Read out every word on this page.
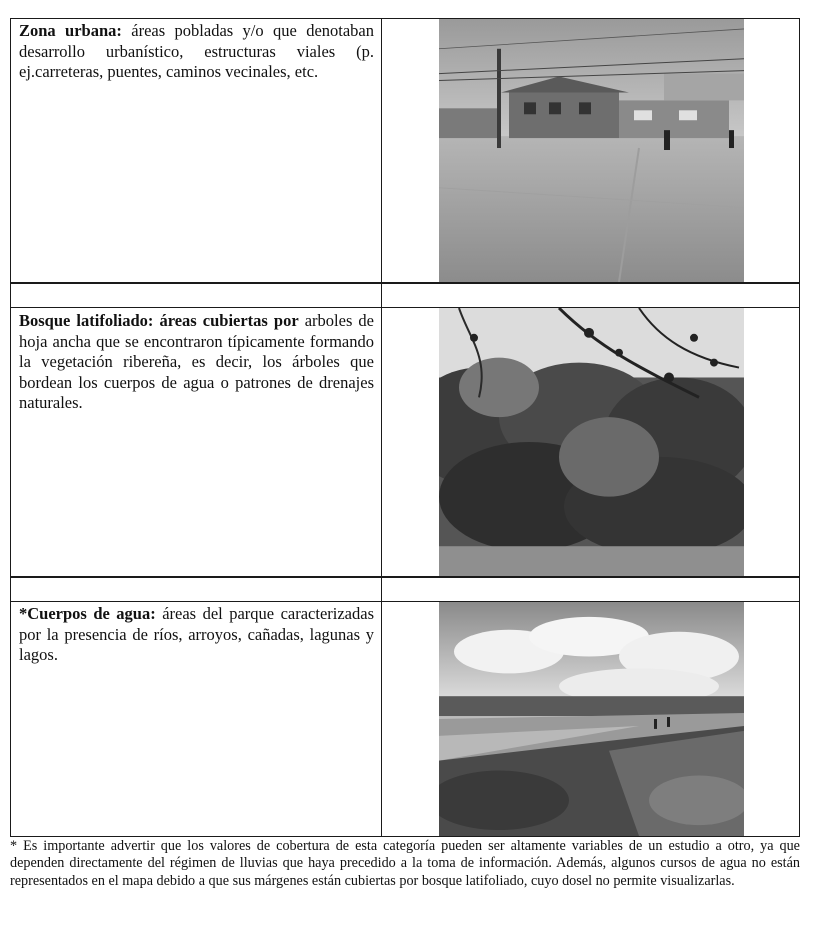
Zona urbana: áreas pobladas y/o que denotaban desarrollo urbanístico, estructuras viales (p. ej.carreteras, puentes, caminos vecinales, etc.
Bosque latifoliado: áreas cubiertas por arboles de hoja ancha que se encontraron típicamente formando la vegetación ribereña, es decir, los árboles que bordean los cuerpos de agua o patrones de drenajes naturales.
*Cuerpos de agua: áreas del parque caracterizadas por la presencia de ríos, arroyos, cañadas, lagunas y lagos.
* Es importante advertir que los valores de cobertura de esta categoría pueden ser altamente variables de un estudio a otro, ya que dependen directamente del régimen de lluvias que haya precedido a la toma de información. Además, algunos cursos de agua no están representados en el mapa debido a que sus márgenes están cubiertas por bosque latifoliado, cuyo dosel no permite visualizarlas.
